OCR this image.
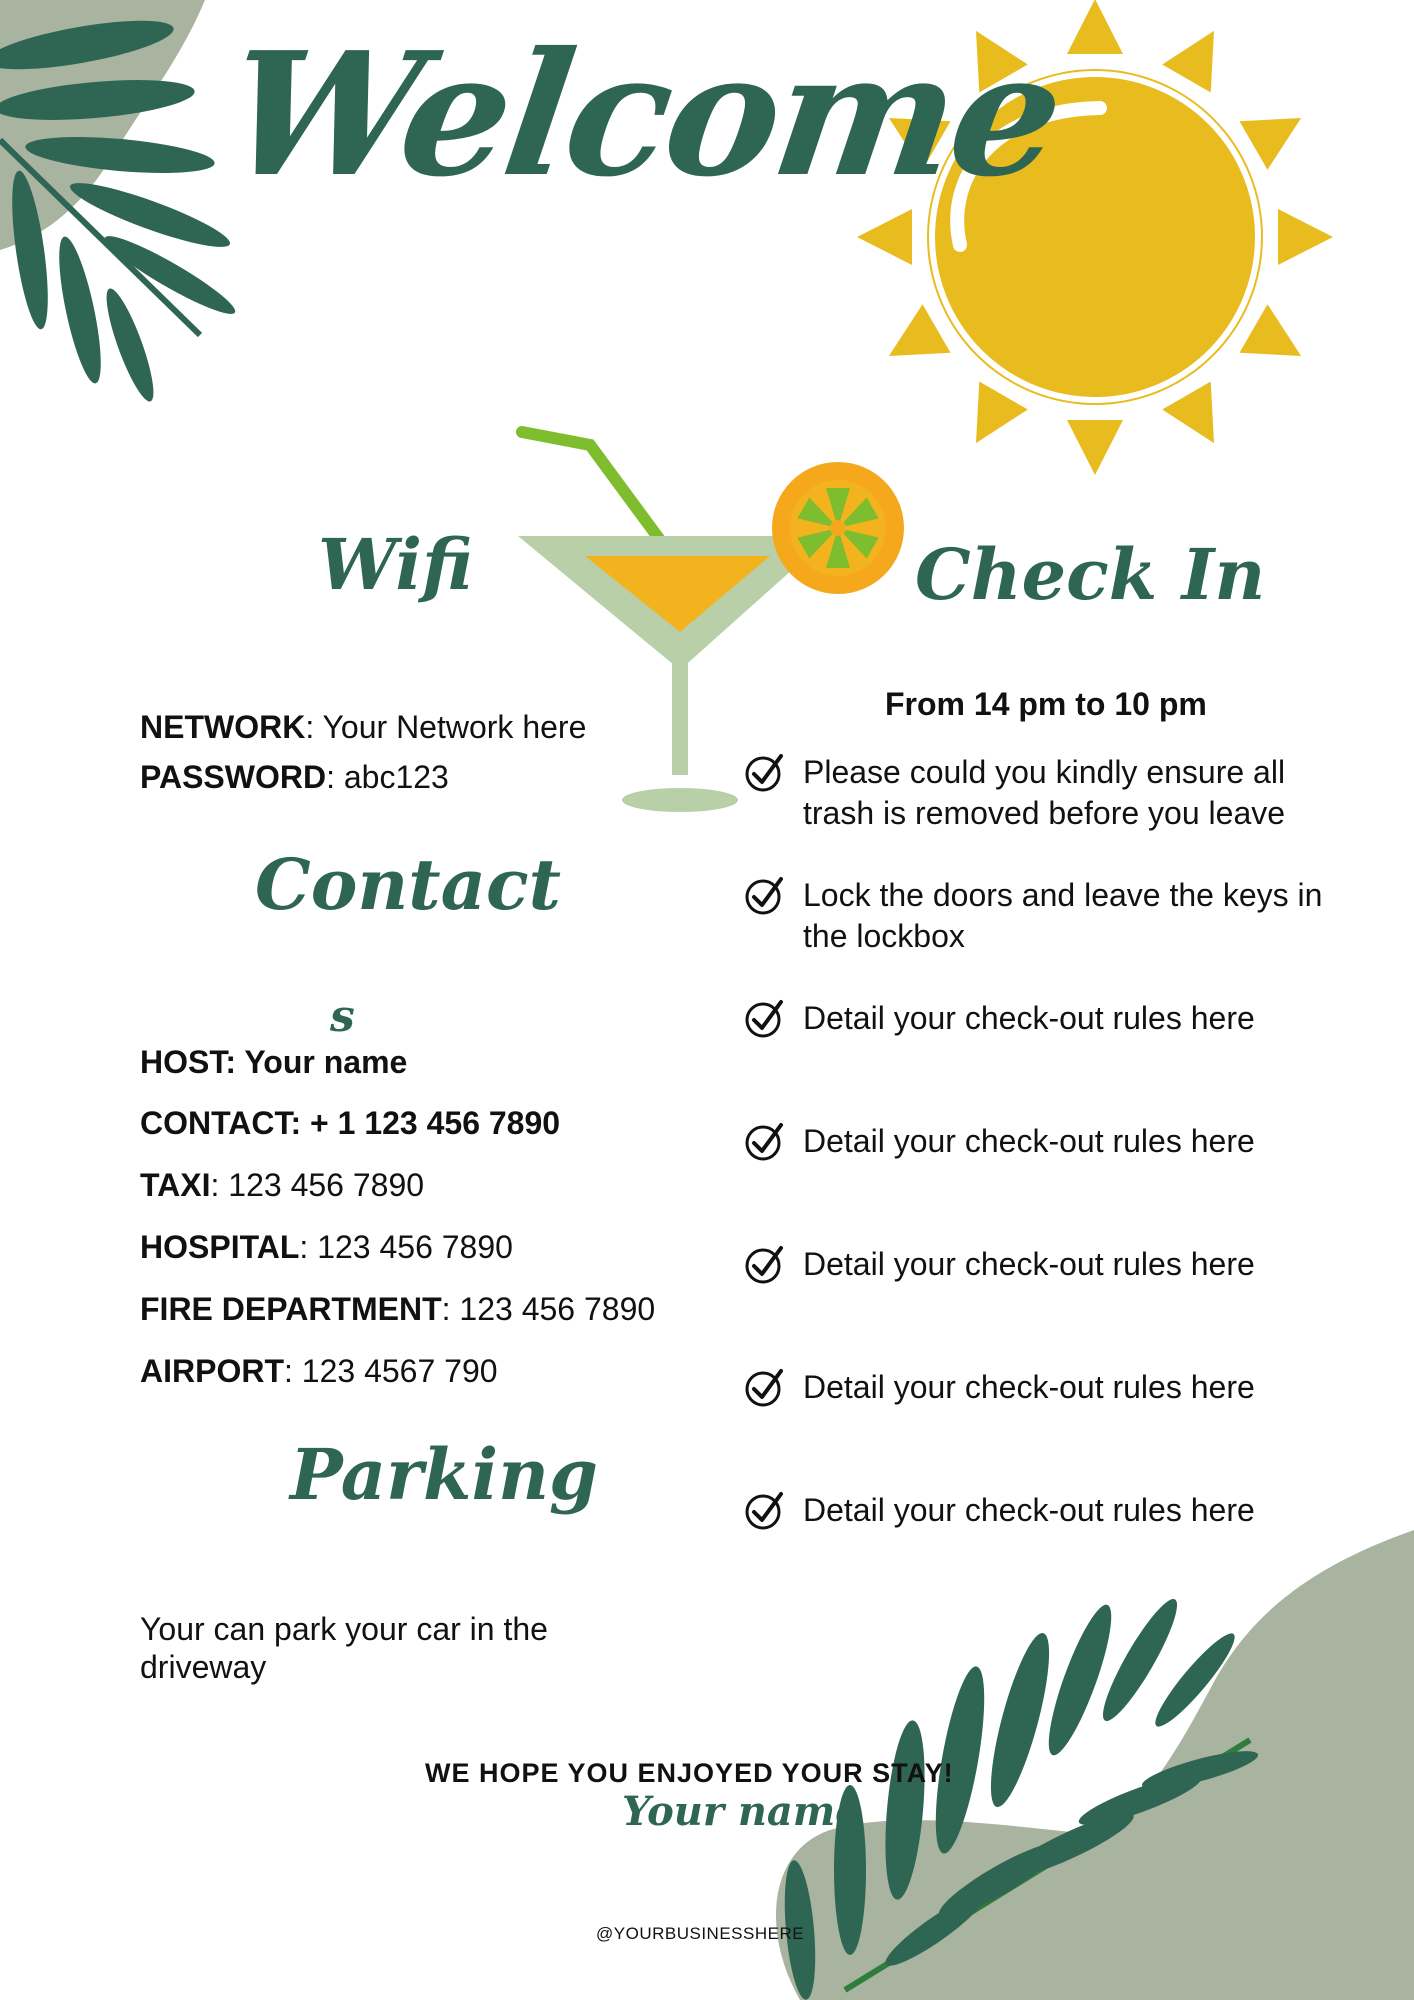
Welcome
Wifi	Check In
Contact
s
Parking
NETWORK: Your Network here
PASSWORD: abc123
HOST: Your name
CONTACT: + 1 123 456 7890
TAXI: 123 456 7890
HOSPITAL: 123 456 7890
FIRE DEPARTMENT: 123 456 7890
AIRPORT: 123 4567 790
Your can park your car in the driveway
From 14 pm to 10 pm
Please could you kindly ensure all trash is removed before you leave
Lock the doors and leave the keys in the lockbox
Detail your check-out rules here
Detail your check-out rules here
Detail your check-out rules here
Detail your check-out rules here
Detail your check-out rules here
WE HOPE YOU ENJOYED YOUR STAY!
Your name
@YOURBUSINESSHERE
